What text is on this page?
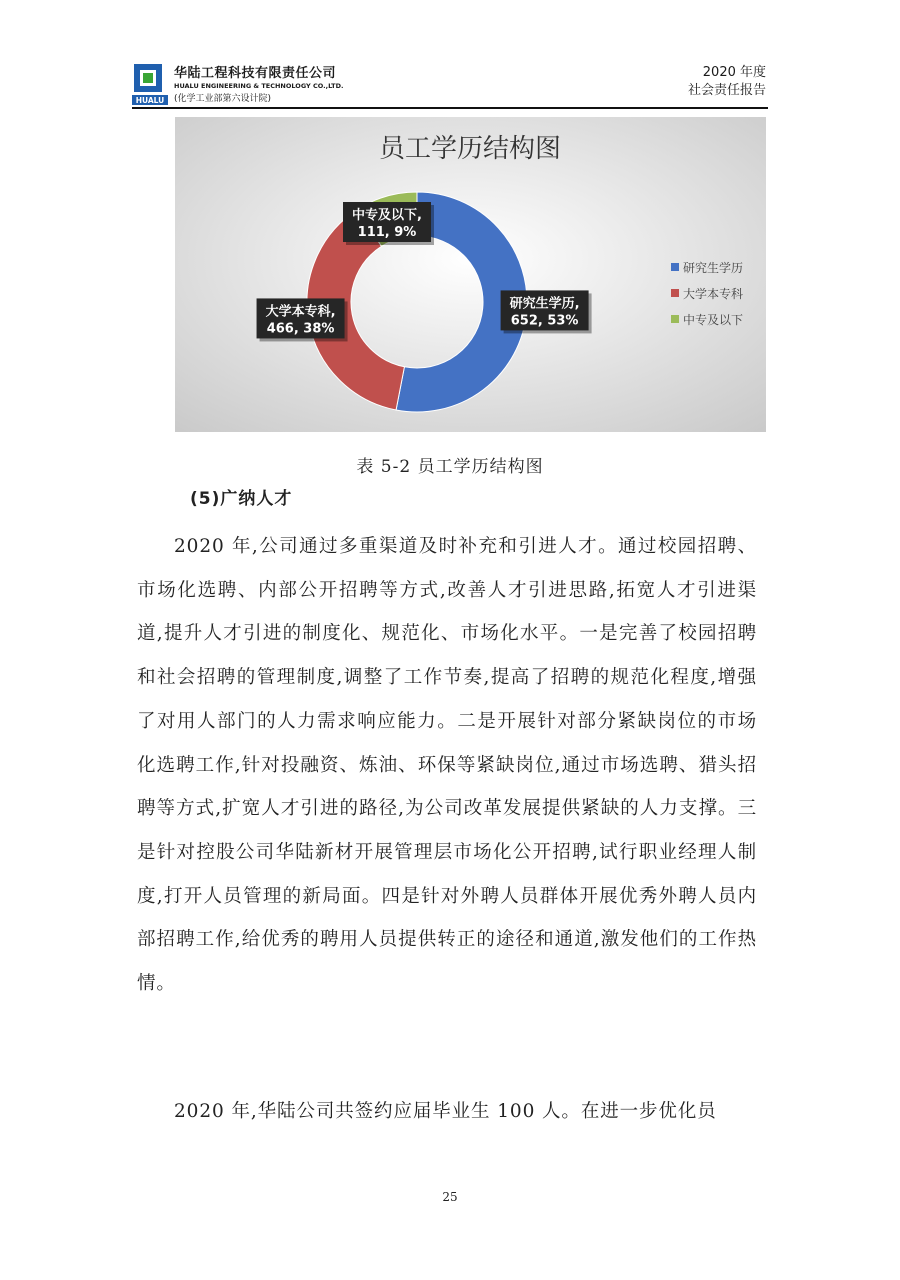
HUALU
华陆工程科技有限责任公司
HUALU ENGINEERING & TECHNOLOGY CO.,LTD.
(化学工业部第六设计院)
2020 年度
社会责任报告
员工学历结构图
研究生学历,
652, 53%
大学本专科,
466, 38%
中专及以下,
111, 9%
研究生学历
大学本专科
中专及以下
表 5-2 员工学历结构图
(5)广纳人才

2020 年,公司通过多重渠道及时补充和引进人才。通过校园招聘、市场化选聘、内部公开招聘等方式,改善人才引进思路,拓宽人才引进渠道,提升人才引进的制度化、规范化、市场化水平。一是完善了校园招聘和社会招聘的管理制度,调整了工作节奏,提高了招聘的规范化程度,增强了对用人部门的人力需求响应能力。二是开展针对部分紧缺岗位的市场化选聘工作,针对投融资、炼油、环保等紧缺岗位,通过市场选聘、猎头招聘等方式,扩宽人才引进的路径,为公司改革发展提供紧缺的人力支撑。三是针对控股公司华陆新材开展管理层市场化公开招聘,试行职业经理人制度,打开人员管理的新局面。四是针对外聘人员群体开展优秀外聘人员内部招聘工作,给优秀的聘用人员提供转正的途径和通道,激发他们的工作热情。

2020 年,华陆公司共签约应届毕业生 100 人。在进一步优化员

25
